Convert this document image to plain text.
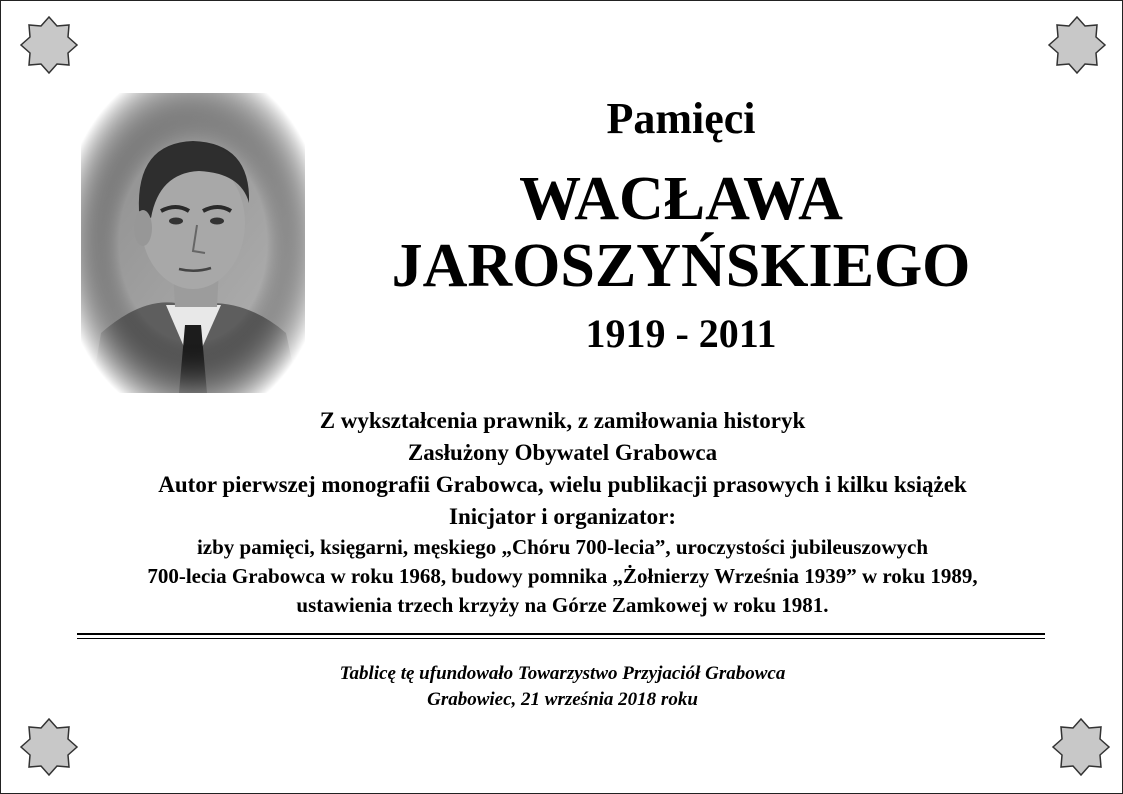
Pamięci
WACŁAWA
JAROSZYŃSKIEGO
1919 - 2011
Z wykształcenia prawnik, z zamiłowania historyk
Zasłużony Obywatel Grabowca
Autor pierwszej monografii Grabowca, wielu publikacji prasowych i kilku książek
Inicjator i organizator:
izby pamięci, księgarni, męskiego „Chóru 700-lecia”, uroczystości jubileuszowych
700-lecia Grabowca w roku 1968, budowy pomnika „Żołnierzy Września 1939” w roku 1989,
ustawienia trzech krzyży na Górze Zamkowej w roku 1981.
Tablicę tę ufundowało Towarzystwo Przyjaciół Grabowca
Grabowiec, 21 września 2018 roku
